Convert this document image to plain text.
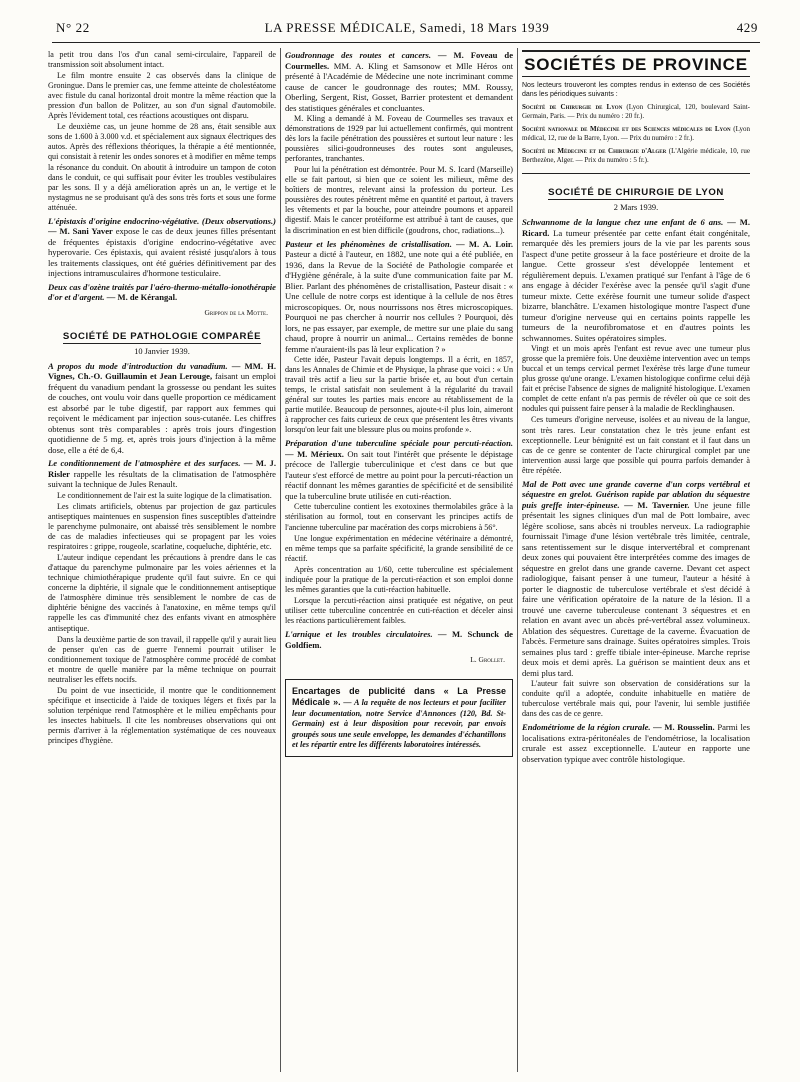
N° 22	LA PRESSE MÉDICALE, Samedi, 18 Mars 1939	429

la petit trou dans l'os d'un canal semi-circulaire, l'appareil de transmission soit absolument intact.

Le film montre ensuite 2 cas observés dans la clinique de Groningue. Dans le premier cas, une femme atteinte de cholestéatome avec fistule du canal horizontal droit montre la même réaction que la pression d'un ballon de Politzer, au son d'un signal d'automobile. Après l'évidement total, ces réactions acoustiques ont disparu.

Le deuxième cas, un jeune homme de 28 ans, était sensible aux sons de 1.600 à 3.000 v.d. et spécialement aux signaux électriques des autos. Après des réflexions théoriques, la thérapie a été mentionnée, qui consistait à retenir les ondes sonores et à modifier en même temps la résonance du conduit. On aboutit à introduire un tampon de coton dans le conduit, ce qui suffisait pour éviter les troubles vestibulaires par les sons. Il y a déjà amélioration après un an, le vertige et le nystagmus ne se produisant qu'à des sons très forts et sous une forme atténuée.

L'épistaxis d'origine endocrino-végétative. (Deux observations.) — M. Sani Yaver expose le cas de deux jeunes filles présentant de fréquentes épistaxis d'origine endocrino-végétative avec hyperovarie. Ces épistaxis, qui avaient résisté jusqu'alors à tous les traitements classiques, ont été guéries définitivement par des injections intramusculaires d'hormone testiculaire.

Deux cas d'ozène traités par l'aéro-thermo-métallo-ionothérapie d'or et d'argent. — M. de Kérangal.

Grippon de la Motte.
SOCIÉTÉ DE PATHOLOGIE COMPARÉE
10 Janvier 1939.

A propos du mode d'introduction du vanadium. — MM. H. Vignes, Ch.-O. Guillaumin et Jean Lerouge, faisant un emploi fréquent du vanadium pendant la grossesse ou pendant les suites de couches, ont voulu voir dans quelle proportion ce médicament est absorbé par le tube digestif, par rapport aux femmes qui reçoivent le médicament par injection sous-cutanée. Les chiffres obtenus sont très comparables : après trois jours d'ingestion quotidienne de 5 mg. et, après trois jours d'injection à la même dose, elle a été de 6,4.

Le conditionnement de l'atmosphère et des surfaces. — M. J. Risler rappelle les résultats de la climatisation de l'atmosphère suivant la technique de Jules Renault.

Le conditionnement de l'air est la suite logique de la climatisation.

Les climats artificiels, obtenus par projection de gaz particules antiseptiques maintenues en suspension fines susceptibles d'atteindre le parenchyme pulmonaire, ont abaissé très sensiblement le nombre de cas de maladies infectieuses qui se propagent par les voies respiratoires : grippe, rougeole, scarlatine, coqueluche, diphtérie, etc.

L'auteur indique cependant les précautions à prendre dans le cas d'attaque du parenchyme pulmonaire par les voies aériennes et la technique chimiothérapique prudente qu'il faut suivre. En ce qui concerne la diphtérie, il signale que le conditionnement antiseptique de l'atmosphère diminue très sensiblement le nombre de cas de diphtérie bénigne des vaccinés à l'anatoxine, en même temps qu'il rappelle les cas d'immunité chez des enfants vivant en atmosphère antiseptique.

Dans la deuxième partie de son travail, il rappelle qu'il y aurait lieu de penser qu'en cas de guerre l'ennemi pourrait utiliser le conditionnement toxique de l'atmosphère comme procédé de combat et montre de quelle manière par la même technique on pourrait neutraliser les effets nocifs.

Du point de vue insecticide, il montre que le conditionnement spécifique et insecticide à l'aide de toxiques légers et fixés par la solution terpénique rend l'atmosphère et le milieu empêchants pour les insectes habituels. Il cite les nombreuses observations qui ont permis d'arriver à la réglementation systématique de ces nouveaux principes d'hygiène.

Goudronnage des routes et cancers. — M. Foveau de Courmelles. MM. A. Kling et Samsonow et Mlle Héros ont présenté à l'Académie de Médecine une note incriminant comme cause de cancer le goudronnage des routes; MM. Roussy, Oberling, Sergent, Rist, Gosset, Barrier protestent et demandent des statistiques générales et concluantes.

M. Kling a demandé à M. Foveau de Courmelles ses travaux et démonstrations de 1929 par lui actuellement confirmés, qui montrent dès lors la facile pénétration des poussières et surtout leur nature : les poussières silici-goudronneuses des routes sont anguleuses, perforantes, tranchantes.

Pour lui la pénétration est démontrée. Pour M. S. Icard (Marseille) elle se fait partout, si bien que ce soient les milieux, même des boîtiers de montres, relevant ainsi la profession du porteur. Les poussières des routes pénètrent même en quantité et partout, à travers les vêtements et par la bouche, pour atteindre poumons et appareil digestif. Mais le cancer protéiforme est attribué à tant de causes, que la discrimination en est bien difficile (goudrons, choc, radiations...).

Pasteur et les phénomènes de cristallisation. — M. A. Loir. Pasteur a dicté à l'auteur, en 1882, une note qui a été publiée, en 1936, dans la Revue de la Société de Pathologie comparée et d'Hygiène générale, à la suite d'une communication faite par M. Blier. Parlant des phénomènes de cristallisation, Pasteur disait : « Une cellule de notre corps est identique à la cellule de nos êtres microscopiques. Or, nous nourrissons nos êtres microscopiques. Pourquoi ne pas chercher à nourrir nos cellules ? Pourquoi, dès lors, ne pas essayer, par exemple, de mettre sur une plaie du sang chaud, propre à nourrir un animal... Certains remèdes de bonne femme n'auraient-ils pas là leur explication ? »

Cette idée, Pasteur l'avait depuis longtemps. Il a écrit, en 1857, dans les Annales de Chimie et de Physique, la phrase que voici : « Un travail très actif a lieu sur la partie brisée et, au bout d'un certain temps, le cristal satisfait non seulement à la régularité du travail général sur toutes les parties mais encore au rétablissement de la partie mutilée. Beaucoup de personnes, ajoute-t-il plus loin, aimeront à rapprocher ces faits curieux de ceux que présentent les êtres vivants lorsqu'on leur fait une blessure plus ou moins profonde ».

Préparation d'une tuberculine spéciale pour percuti-réaction. — M. Mérieux. On sait tout l'intérêt que présente le dépistage précoce de l'allergie tuberculinique et c'est dans ce but que l'auteur s'est efforcé de mettre au point pour la percuti-réaction un réactif donnant les mêmes garanties de spécificité et de sensibilité que la tuberculine brute utilisée en cuti-réaction.

Cette tuberculine contient les exotoxines thermolabiles grâce à la stérilisation au formol, tout en conservant les principes actifs de l'ancienne tuberculine par macération des corps microbiens à 56°.

Une longue expérimentation en médecine vétérinaire a démontré, en même temps que sa parfaite spécificité, la grande sensibilité de ce réactif.

Après concentration au 1/60, cette tuberculine est spécialement indiquée pour la pratique de la percuti-réaction et son emploi donne les mêmes garanties que la cuti-réaction habituelle.

Lorsque la percuti-réaction ainsi pratiquée est négative, on peut utiliser cette tuberculine concentrée en cuti-réaction et déceler ainsi les réactions particulièrement faibles.

L'arnique et les troubles circulatoires. — M. Schunck de Goldfiem.

L. Grollet.
Encartages de publicité dans « La Presse Médicale ». — A la requête de nos lecteurs et pour faciliter leur documentation, notre Service d'Annonces (120, Bd. St-Germain) est à leur disposition pour recevoir, par envois groupés sous une seule enveloppe, les demandes d'échantillons et les répartir entre les différents laboratoires intéressés.
SOCIÉTÉS DE PROVINCE

Nos lecteurs trouveront les comptes rendus in extenso de ces Sociétés dans les périodiques suivants :

Société de Chirurgie de Lyon (Lyon Chirurgical, 120, boulevard Saint-Germain, Paris. — Prix du numéro : 20 fr.).

Société nationale de Médecine et des Sciences médicales de Lyon (Lyon médical, 12, rue de la Barre, Lyon. — Prix du numéro : 2 fr.).

Société de Médecine et de Chirurgie d'Alger (L'Algérie médicale, 10, rue Berthezène, Alger. — Prix du numéro : 5 fr.).

SOCIÉTÉ DE CHIRURGIE DE LYON
2 Mars 1939.

Schwannome de la langue chez une enfant de 6 ans. — M. Ricard. La tumeur présentée par cette enfant était congénitale, remarquée dès les premiers jours de la vie par les parents sous l'aspect d'une petite grosseur à la face postérieure et droite de la langue. Cette grosseur s'est développée lentement et régulièrement depuis. L'examen pratiqué sur l'enfant à l'âge de 6 ans engage à décider l'exérèse avec la pensée qu'il s'agit d'une tumeur mixte. Cette exérèse fournit une tumeur solide d'aspect bizarre, blanchâtre. L'examen histologique montre l'aspect d'une tumeur d'origine nerveuse qui en certains points rappelle les tumeurs de la neurofibromatose et en d'autres points les schwannomes. Suites opératoires simples.

Vingt et un mois après l'enfant est revue avec une tumeur plus grosse que la première fois. Une deuxième intervention avec un temps buccal et un temps cervical permet l'exérèse très large d'une tumeur plus grosse qu'une orange. L'examen histologique confirme celui déjà fait et précise l'absence de signes de malignité histologique. L'examen complet de cette enfant n'a pas permis de révéler où que ce soit des nodules qui puissent faire penser à la maladie de Recklinghausen.

Ces tumeurs d'origine nerveuse, isolées et au niveau de la langue, sont très rares. Leur constatation chez le très jeune enfant est exceptionnelle. Leur bénignité est un fait constant et il faut dans un cas de ce genre se contenter de l'acte chirurgical complet par une intervention aussi large que possible qui pourra parfois demander à être répétée.

Mal de Pott avec une grande caverne d'un corps vertébral et séquestre en grelot. Guérison rapide par ablation du séquestre puis greffe inter-épineuse. — M. Tavernier. Une jeune fille présentait les signes cliniques d'un mal de Pott lombaire, avec légère scoliose, sans abcès ni troubles nerveux. La radiographie fournissait l'image d'une lésion vertébrale très limitée, centrale, sans retentissement sur le disque intervertébral et comprenant deux zones qui pouvaient être interprétées comme des images de séquestre en grelot dans une grande caverne. Devant cet aspect radiologique, faisant penser à une tumeur, l'auteur a hésité à porter le diagnostic de tuberculose vertébrale et s'est décidé à faire une vérification opératoire de la nature de la lésion. Il a trouvé une caverne tuberculeuse contenant 3 séquestres et en relation en avant avec un abcès pré-vertébral assez volumineux. Ablation des séquestres. Curettage de la caverne. Évacuation de l'abcès. Fermeture sans drainage. Suites opératoires simples. Trois semaines plus tard : greffe tibiale inter-épineuse. Marche reprise deux mois et demi après. La guérison se maintient deux ans et demi plus tard.

L'auteur fait suivre son observation de considérations sur la conduite qu'il a adoptée, conduite inhabituelle en matière de tuberculose vertébrale mais qui, pour l'avenir, lui semble justifiée dans des cas de ce genre.

Endométriome de la région crurale. — M. Rousselin. Parmi les localisations extra-péritonéales de l'endométriose, la localisation crurale est assez exceptionnelle. L'auteur en rapporte une observation typique avec contrôle histologique.
